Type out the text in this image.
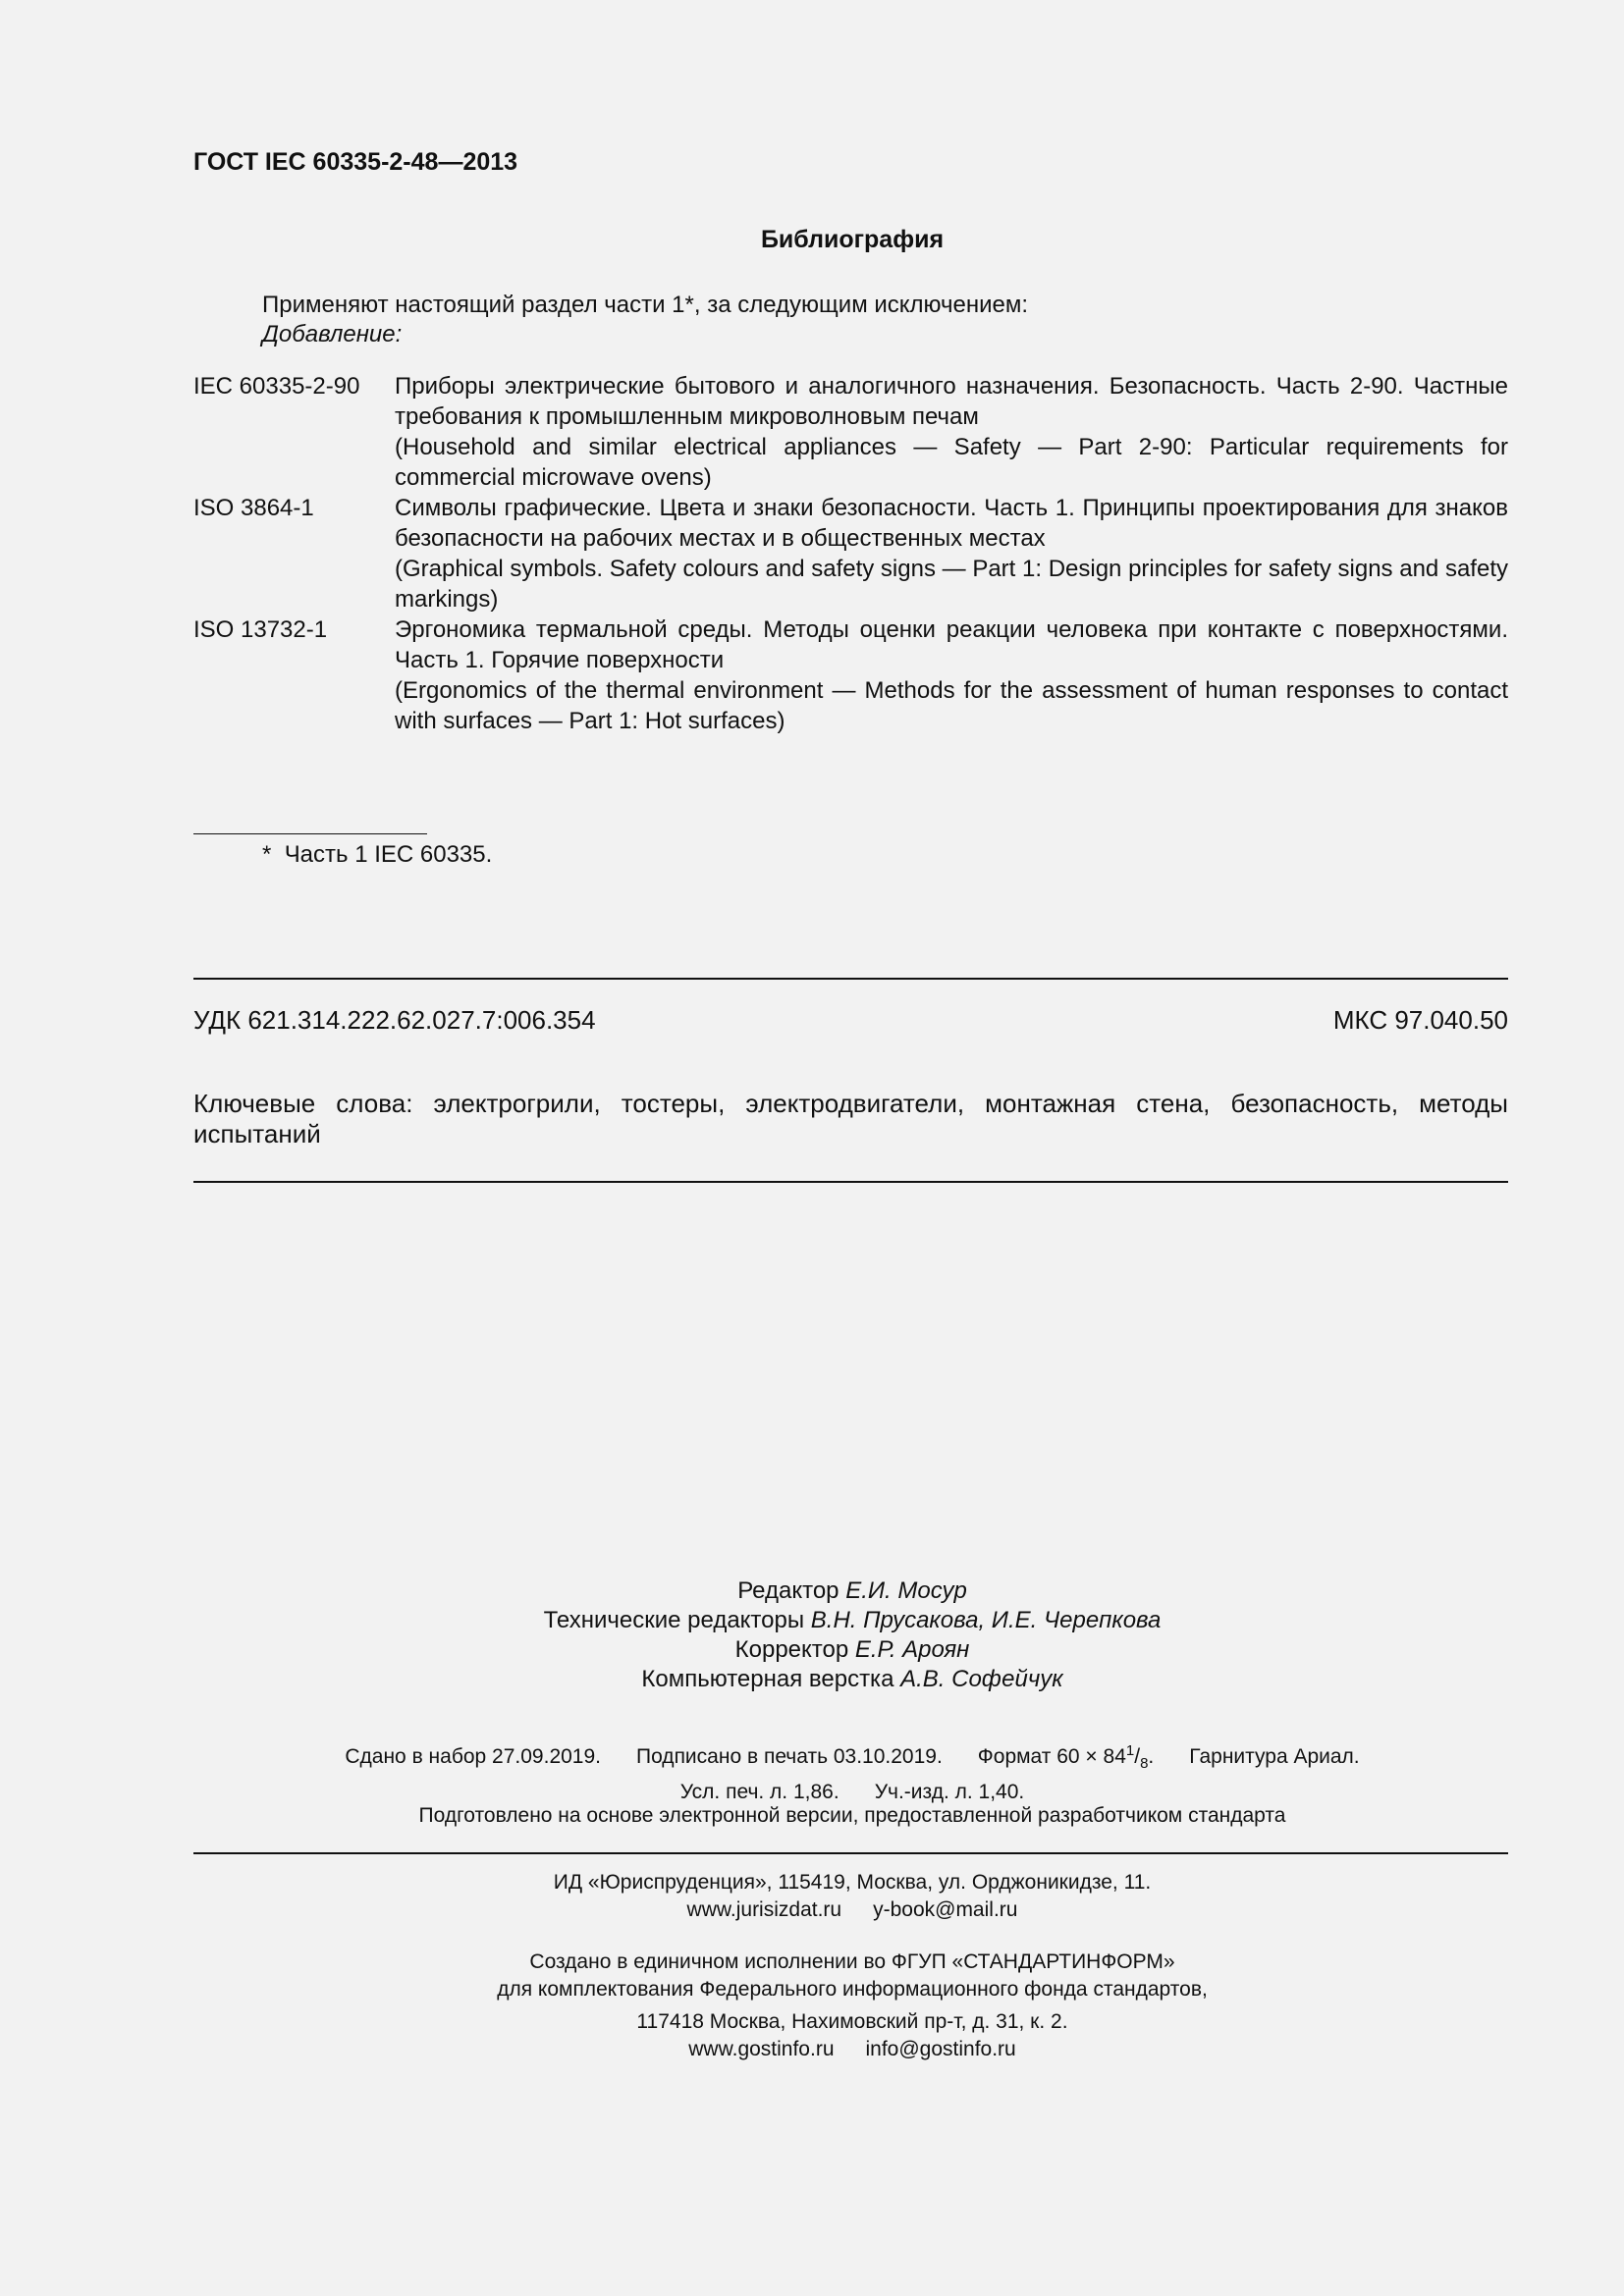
ГОСТ IEC 60335-2-48—2013
Библиография
Применяют настоящий раздел части 1*, за следующим исключением:
Добавление:
IEC 60335-2-90	Приборы электрические бытового и аналогичного назначения. Безопасность. Часть 2-90. Частные требования к промышленным микроволновым печам
(Household and similar electrical appliances — Safety — Part 2-90: Particular requirements for commercial microwave ovens)
ISO 3864-1	Символы графические. Цвета и знаки безопасности. Часть 1. Принципы проектирования для знаков безопасности на рабочих местах и в общественных местах
(Graphical symbols. Safety colours and safety signs — Part 1: Design principles for safety signs and safety markings)
ISO 13732-1	Эргономика термальной среды. Методы оценки реакции человека при контакте с поверхностями. Часть 1. Горячие поверхности
(Ergonomics of the thermal environment — Methods for the assessment of human responses to contact with surfaces — Part 1: Hot surfaces)
* Часть 1 IEC 60335.
УДК 621.314.222.62.027.7:006.354	МКС 97.040.50
Ключевые слова: электрогрили, тостеры, электродвигатели, монтажная стена, безопасность, методы испытаний
Редактор Е.И. Мосур
Технические редакторы В.Н. Прусакова, И.Е. Черепкова
Корректор Е.Р. Ароян
Компьютерная верстка А.В. Софейчук
Сдано в набор 27.09.2019. Подписано в печать 03.10.2019. Формат $60 \times 84^1/_8$. Гарнитура Ариал.
Усл. печ. л. 1,86. Уч.-изд. л. 1,40.
Подготовлено на основе электронной версии, предоставленной разработчиком стандарта
ИД «Юриспруденция», 115419, Москва, ул. Орджоникидзе, 11.
www.jurisizdat.ru y-book@mail.ru
Создано в единичном исполнении во ФГУП «СТАНДАРТИНФОРМ»
для комплектования Федерального информационного фонда стандартов,
117418 Москва, Нахимовский пр-т, д. 31, к. 2.
www.gostinfo.ru info@gostinfo.ru
